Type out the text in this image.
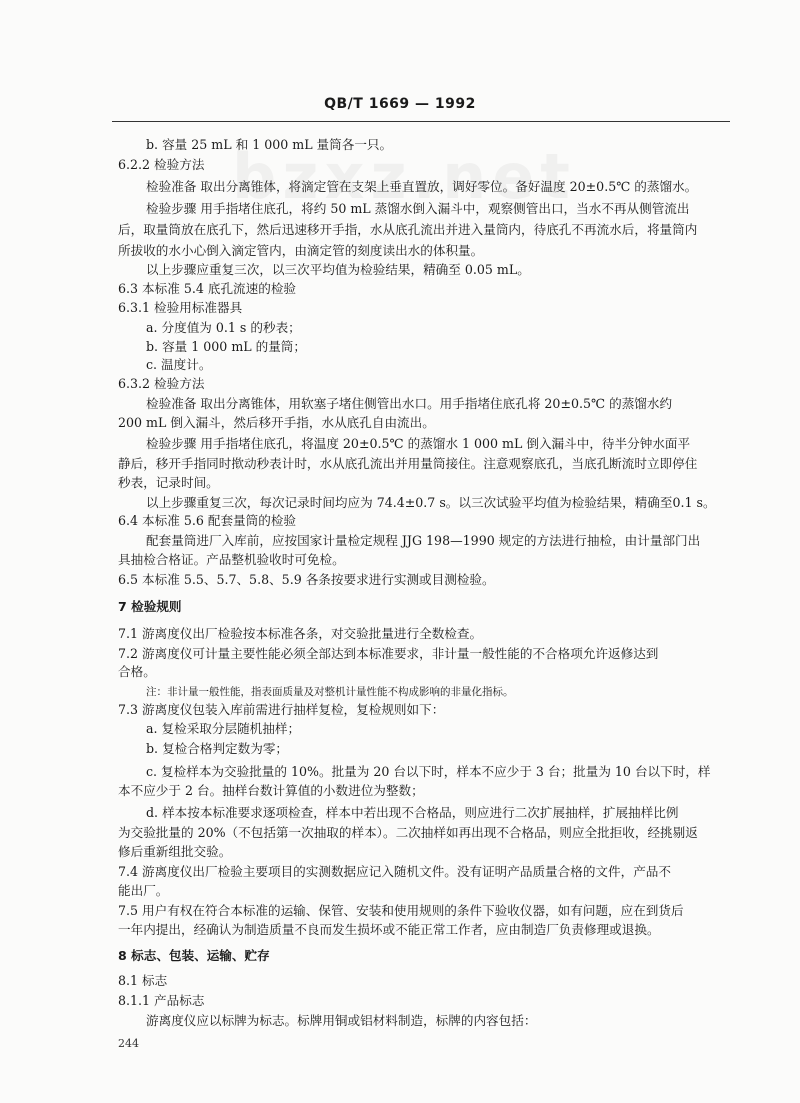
QB/T 1669 — 1992
b. 容量 25 mL 和 1 000 mL 量筒各一只。
6.2.2 检验方法
检验准备 取出分离锥体，将滴定管在支架上垂直置放，调好零位。备好温度 20±0.5℃ 的蒸馏水。
检验步骤 用手指堵住底孔，将约 50 mL 蒸馏水倒入漏斗中，观察侧管出口，当水不再从侧管流出
后，取量筒放在底孔下，然后迅速移开手指，水从底孔流出并进入量筒内，待底孔不再流水后，将量筒内
所拔收的水小心倒入滴定管内，由滴定管的刻度读出水的体积量。
以上步骤应重复三次，以三次平均值为检验结果，精确至 0.05 mL。
6.3 本标准 5.4 底孔流速的检验
6.3.1 检验用标准器具
a. 分度值为 0.1 s 的秒表；
b. 容量 1 000 mL 的量筒；
c. 温度计。
6.3.2 检验方法
检验准备 取出分离锥体，用软塞子堵住侧管出水口。用手指堵住底孔将 20±0.5℃ 的蒸馏水约
200 mL 倒入漏斗，然后移开手指，水从底孔自由流出。
检验步骤 用手指堵住底孔，将温度 20±0.5℃ 的蒸馏水 1 000 mL 倒入漏斗中，待半分钟水面平
静后，移开手指同时揿动秒表计时，水从底孔流出并用量筒接住。注意观察底孔，当底孔断流时立即停住
秒表，记录时间。
以上步骤重复三次，每次记录时间均应为 74.4±0.7 s。以三次试验平均值为检验结果，精确至0.1 s。
6.4 本标准 5.6 配套量筒的检验
配套量筒进厂入库前，应按国家计量检定规程 JJG 198—1990 规定的方法进行抽检，由计量部门出
具抽检合格证。产品整机验收时可免检。
6.5 本标准 5.5、5.7、5.8、5.9 各条按要求进行实测或目测检验。
7 检验规则
7.1 游离度仪出厂检验按本标准各条，对交验批量进行全数检查。
7.2 游离度仪可计量主要性能必须全部达到本标准要求，非计量一般性能的不合格项允许返修达到
合格。
注：非计量一般性能，指表面质量及对整机计量性能不构成影响的非量化指标。
7.3 游离度仪包装入库前需进行抽样复检，复检规则如下：
a. 复检采取分层随机抽样；
b. 复检合格判定数为零；
c. 复检样本为交验批量的 10%。批量为 20 台以下时，样本不应少于 3 台；批量为 10 台以下时，样
本不应少于 2 台。抽样台数计算值的小数进位为整数；
d. 样本按本标准要求逐项检查，样本中若出现不合格品，则应进行二次扩展抽样，扩展抽样比例
为交验批量的 20%（不包括第一次抽取的样本）。二次抽样如再出现不合格品，则应全批拒收，经挑剔返
修后重新组批交验。
7.4 游离度仪出厂检验主要项目的实测数据应记入随机文件。没有证明产品质量合格的文件，产品不
能出厂。
7.5 用户有权在符合本标准的运输、保管、安装和使用规则的条件下验收仪器，如有问题，应在到货后
一年内提出，经确认为制造质量不良而发生损坏或不能正常工作者，应由制造厂负责修理或退换。
8 标志、包装、运输、贮存
8.1 标志
8.1.1 产品标志
游离度仪应以标牌为标志。标牌用铜或铝材料制造，标牌的内容包括：
244
